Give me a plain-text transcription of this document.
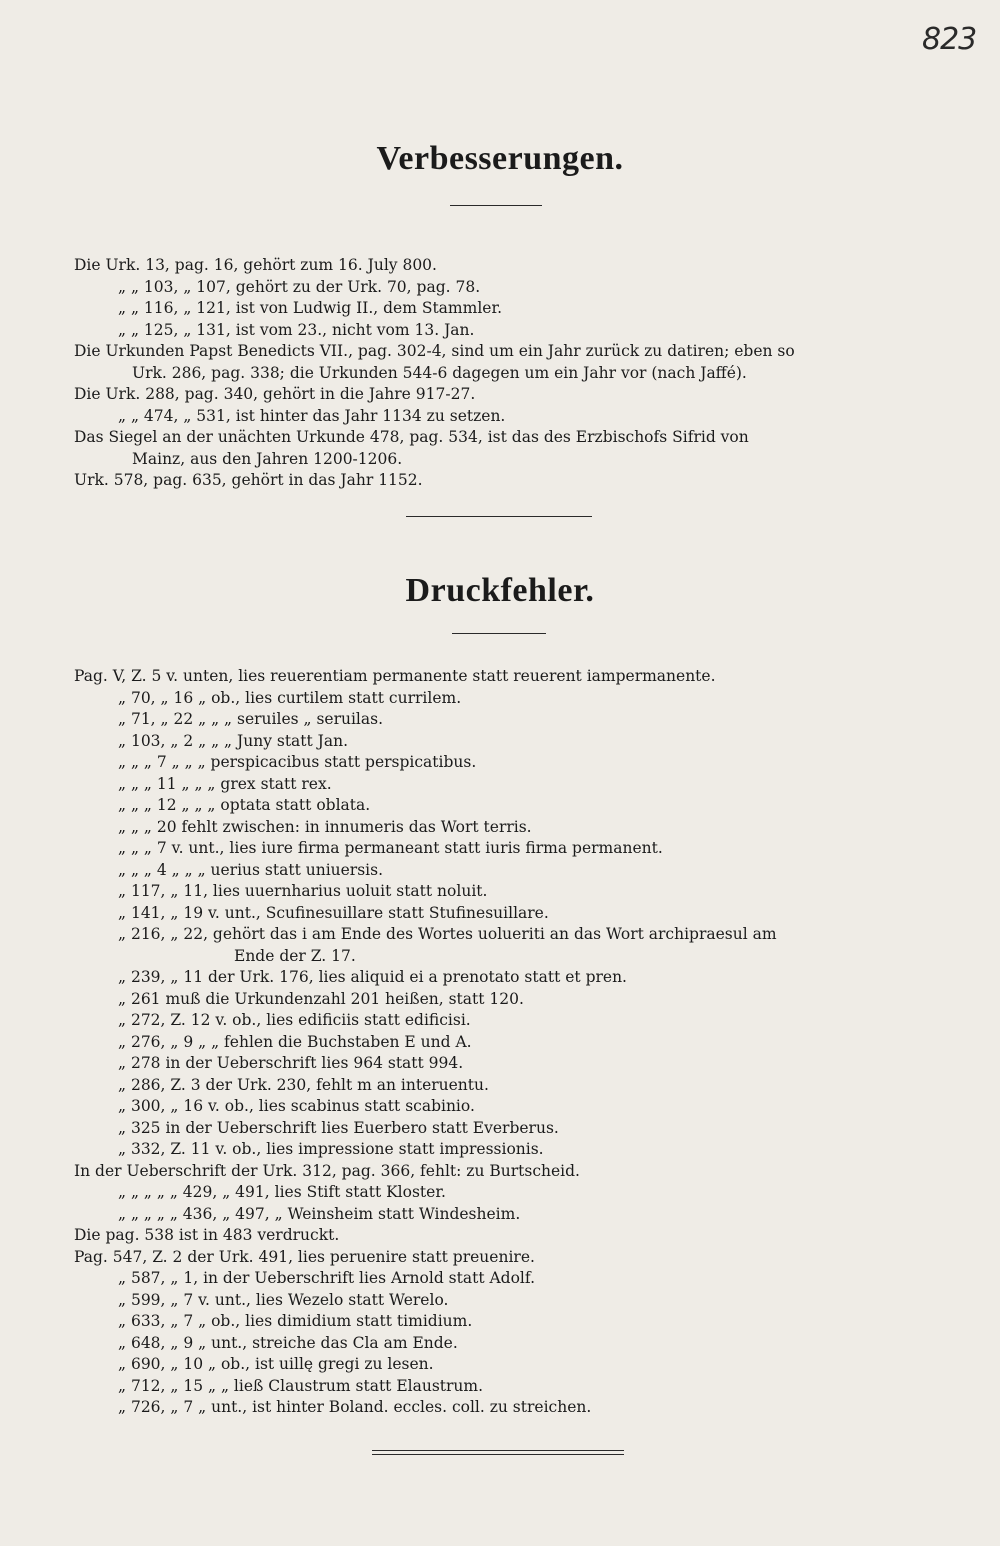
823
Verbesserungen.
Die Urk. 13, pag. 16, gehört zum 16. July 800.
„ „ 103, „ 107, gehört zu der Urk. 70, pag. 78.
„ „ 116, „ 121, ist von Ludwig II., dem Stammler.
„ „ 125, „ 131, ist vom 23., nicht vom 13. Jan.
Die Urkunden Papst Benedicts VII., pag. 302-4, sind um ein Jahr zurück zu datiren; eben so
Urk. 286, pag. 338; die Urkunden 544-6 dagegen um ein Jahr vor (nach Jaffé).
Die Urk. 288, pag. 340, gehört in die Jahre 917-27.
„ „ 474, „ 531, ist hinter das Jahr 1134 zu setzen.
Das Siegel an der unächten Urkunde 478, pag. 534, ist das des Erzbischofs Sifrid von
Mainz, aus den Jahren 1200-1206.
Urk. 578, pag. 635, gehört in das Jahr 1152.
Druckfehler.
Pag. V, Z. 5 v. unten, lies reuerentiam permanente statt reuerent iampermanente.
„ 70, „ 16 „ ob., lies curtilem statt currilem.
„ 71, „ 22 „ „ „ seruiles „ seruilas.
„ 103, „ 2 „ „ „ Juny statt Jan.
„ „ „ 7 „ „ „ perspicacibus statt perspicatibus.
„ „ „ 11 „ „ „ grex statt rex.
„ „ „ 12 „ „ „ optata statt oblata.
„ „ „ 20 fehlt zwischen: in innumeris das Wort terris.
„ „ „ 7 v. unt., lies iure firma permaneant statt iuris firma permanent.
„ „ „ 4 „ „ „ uerius statt uniuersis.
„ 117, „ 11, lies uuernharius uoluit statt noluit.
„ 141, „ 19 v. unt., Scufinesuillare statt Stufinesuillare.
„ 216, „ 22, gehört das i am Ende des Wortes uolueriti an das Wort archipraesul am
Ende der Z. 17.
„ 239, „ 11 der Urk. 176, lies aliquid ei a prenotato statt et pren.
„ 261 muß die Urkundenzahl 201 heißen, statt 120.
„ 272, Z. 12 v. ob., lies edificiis statt edificisi.
„ 276, „ 9 „ „ fehlen die Buchstaben E und A.
„ 278 in der Ueberschrift lies 964 statt 994.
„ 286, Z. 3 der Urk. 230, fehlt m an interuentu.
„ 300, „ 16 v. ob., lies scabinus statt scabinio.
„ 325 in der Ueberschrift lies Euerbero statt Everberus.
„ 332, Z. 11 v. ob., lies impressione statt impressionis.
In der Ueberschrift der Urk. 312, pag. 366, fehlt: zu Burtscheid.
„ „ „ „ „ 429, „ 491, lies Stift statt Kloster.
„ „ „ „ „ 436, „ 497, „ Weinsheim statt Windesheim.
Die pag. 538 ist in 483 verdruckt.
Pag. 547, Z. 2 der Urk. 491, lies peruenire statt preuenire.
„ 587, „ 1, in der Ueberschrift lies Arnold statt Adolf.
„ 599, „ 7 v. unt., lies Wezelo statt Werelo.
„ 633, „ 7 „ ob., lies dimidium statt timidium.
„ 648, „ 9 „ unt., streiche das Cla am Ende.
„ 690, „ 10 „ ob., ist uillę gregi zu lesen.
„ 712, „ 15 „ „ ließ Claustrum statt Elaustrum.
„ 726, „ 7 „ unt., ist hinter Boland. eccles. coll. zu streichen.
